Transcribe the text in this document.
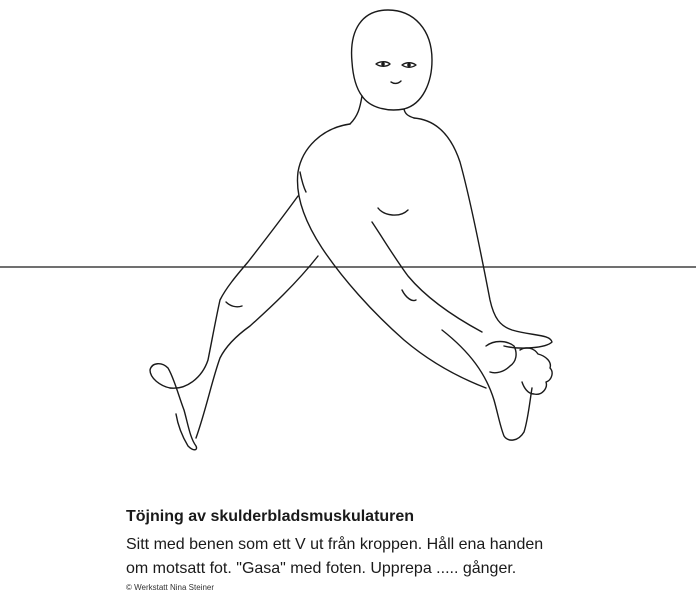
Töjning av skulderbladsmuskulaturen

Sitt med benen som ett V ut från kroppen. Håll ena handen

om motsatt fot. "Gasa" med foten. Upprepa ..... gånger.

© Werkstatt Nina Steiner
